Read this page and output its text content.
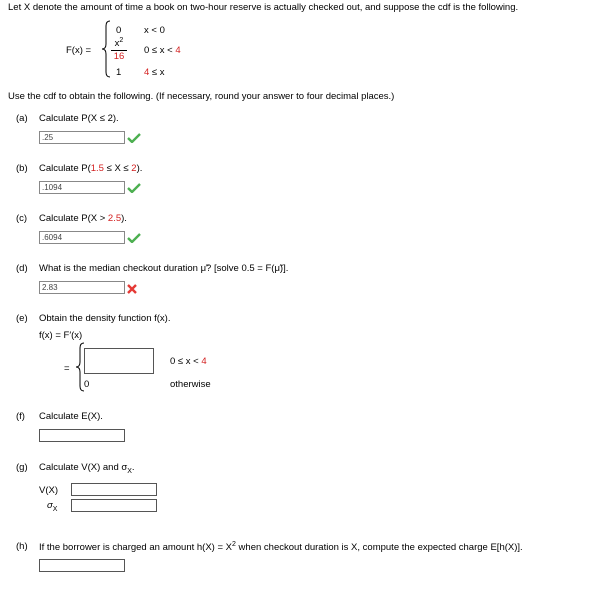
Let X denote the amount of time a book on two-hour reserve is actually checked out, and suppose the cdf is the following.
F(x) =
0 x < 0
$x^2$
16
0 ≤ x < 4
1 4 ≤ x
Use the cdf to obtain the following. (If necessary, round your answer to four decimal places.)
(a) Calculate P(X ≤ 2).
.25
(b) Calculate P(1.5 ≤ X ≤ 2).
.1094
(c) Calculate P(X > 2.5).
.6094
(d) What is the median checkout duration μ̃? [solve 0.5 = F(μ̃)].
2.83
(e) Obtain the density function f(x).
f(x) = F′(x)
=
0 ≤ x < 4
0	otherwise
(f) Calculate E(X).
(g) Calculate V(X) and $\sigma_X$.
V(X)
$\sigma_X$
(h) If the borrower is charged an amount $h(X) = X^2$ when checkout duration is X, compute the expected charge E[h(X)].
